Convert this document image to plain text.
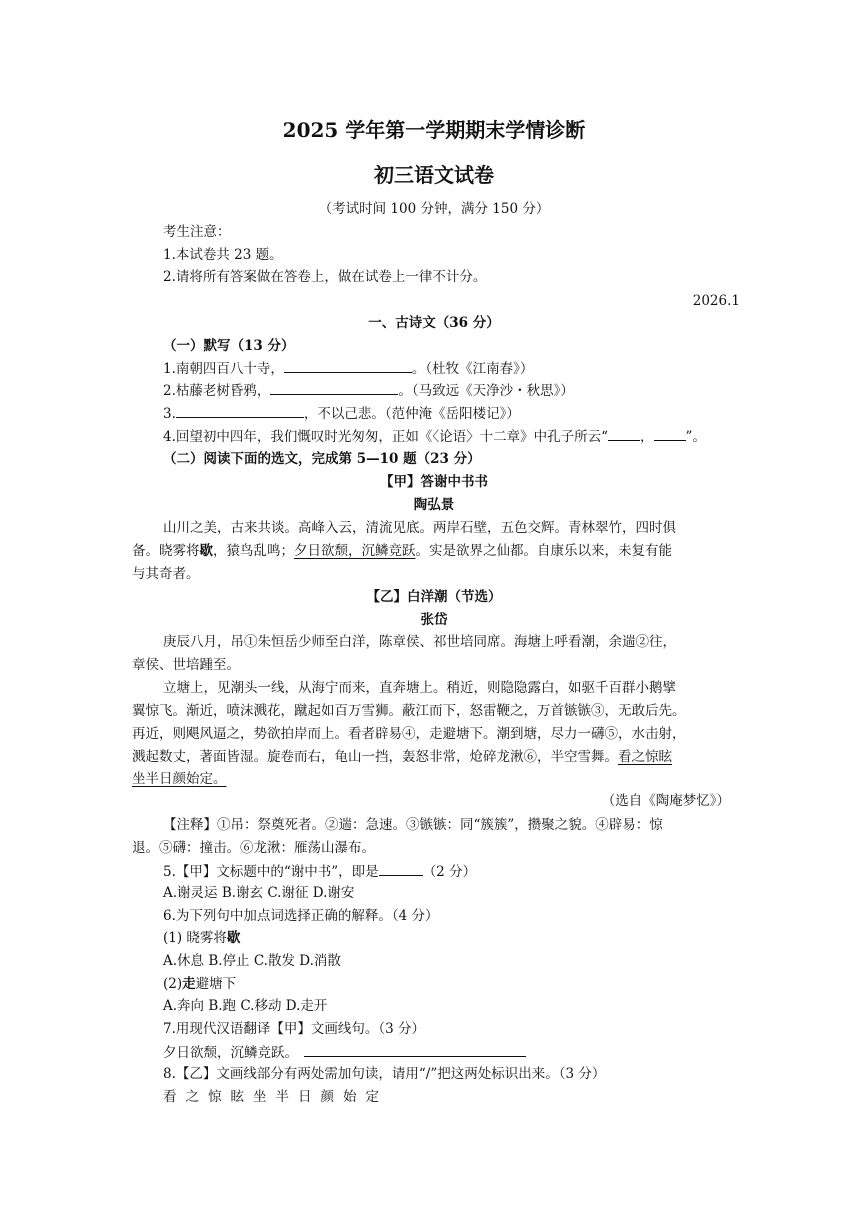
2025 学年第一学期期末学情诊断
初三语文试卷
（考试时间 100 分钟，满分 150 分）
考生注意：
1.本试卷共 23 题。
2.请将所有答案做在答卷上，做在试卷上一律不计分。
2026.1
一、古诗文（36 分）
（一）默写（13 分）
1.南朝四百八十寺，	。（杜牧《江南春》）
2.枯藤老树昏鸦，	。（马致远《天净沙・秋思》）
3.	，不以己悲。（范仲淹《岳阳楼记》）
4.回望初中四年，我们慨叹时光匆匆，正如《〈论语〉十二章》中孔子所云“ ， ”。
（二）阅读下面的选文，完成第 5—10 题（23 分）
【甲】答谢中书书
陶弘景
山川之美，古来共谈。高峰入云，清流见底。两岸石壁，五色交辉。青林翠竹，四时俱
备。晓雾将歇，猿鸟乱鸣；夕日欲颓，沉鳞竞跃。实是欲界之仙都。自康乐以来，未复有能
与其奇者。
【乙】白洋潮（节选）
张岱
庚辰八月，吊①朱恒岳少师至白洋，陈章侯、祁世培同席。海塘上呼看潮，余遄②往，
章侯、世培踵至。
立塘上，见潮头一线，从海宁而来，直奔塘上。稍近，则隐隐露白，如驱千百群小鹅擘
翼惊飞。渐近，喷沫溅花，蹴起如百万雪狮。蔽江而下，怒雷鞭之，万首镞镞③，无敢后先。
再近，则飓风逼之，势欲拍岸而上。看者辟易④，走避塘下。潮到塘，尽力一礴⑤，水击射，
溅起数丈，著面皆湿。旋卷而右，龟山一挡，轰怒非常，炝碎龙湫⑥，半空雪舞。看之惊眩
坐半日颜始定。
（选自《陶庵梦忆》）
【注释】①吊：祭奠死者。②遄：急速。③镞镞：同“簇簇”，攒聚之貌。④辟易：惊
退。⑤礴：撞击。⑥龙湫：雁荡山瀑布。
5.【甲】文标题中的“谢中书”，即是	（2 分）
A.谢灵运 B.谢玄 C.谢征 D.谢安
6.为下列句中加点词选择正确的解释。（4 分）
(1) 晓雾将歇
A.休息 B.停止 C.散发 D.消散
(2)走避塘下
A.奔向 B.跑 C.移动 D.走开
7.用现代汉语翻译【甲】文画线句。（3 分）
夕日欲颓，沉鳞竞跃。
8.【乙】文画线部分有两处需加句读，请用“/”把这两处标识出来。（3 分）
看之惊眩坐半日颜始定
